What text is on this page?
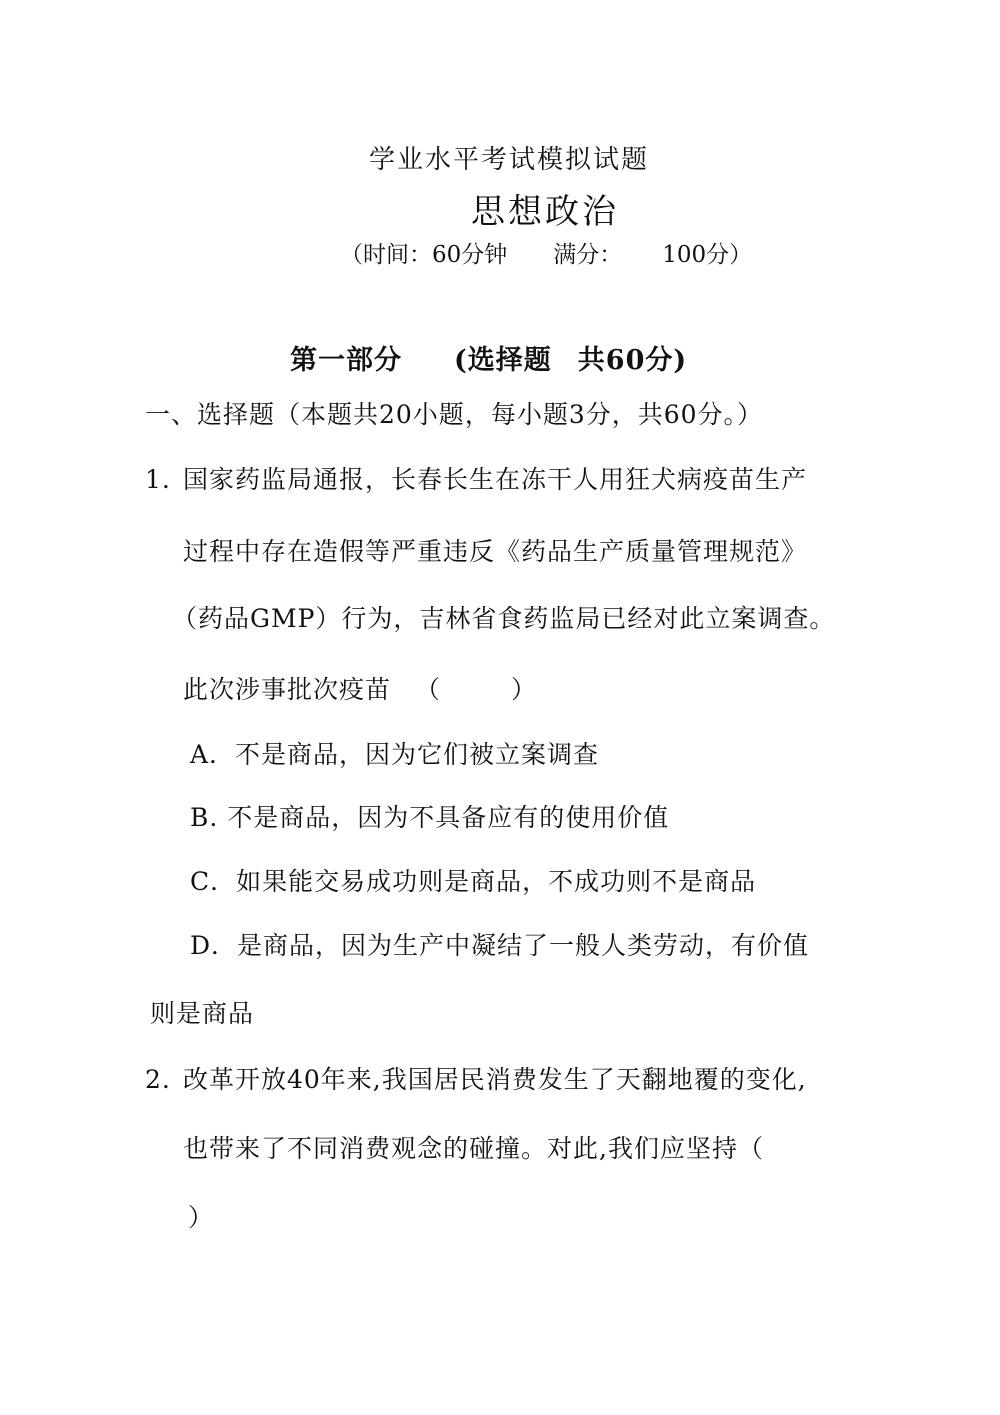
学业水平考试模拟试题
思想政治
（时间：60分钟 满分： 100分）
第一部分 (选择题 共60分)
一、选择题（本题共20小题，每小题3分，共60分。）
1. 国家药监局通报，长春长生在冻干人用狂犬病疫苗生产
过程中存在造假等严重违反《药品生产质量管理规范》
（药品GMP）行为，吉林省食药监局已经对此立案调查。
此次涉事批次疫苗 （	）
A．不是商品，因为它们被立案调查
B. 不是商品，因为不具备应有的使用价值
C．如果能交易成功则是商品，不成功则不是商品
D．是商品，因为生产中凝结了一般人类劳动，有价值
则是商品
2. 改革开放40年来,我国居民消费发生了天翻地覆的变化,
也带来了不同消费观念的碰撞。对此,我们应坚持（
）
